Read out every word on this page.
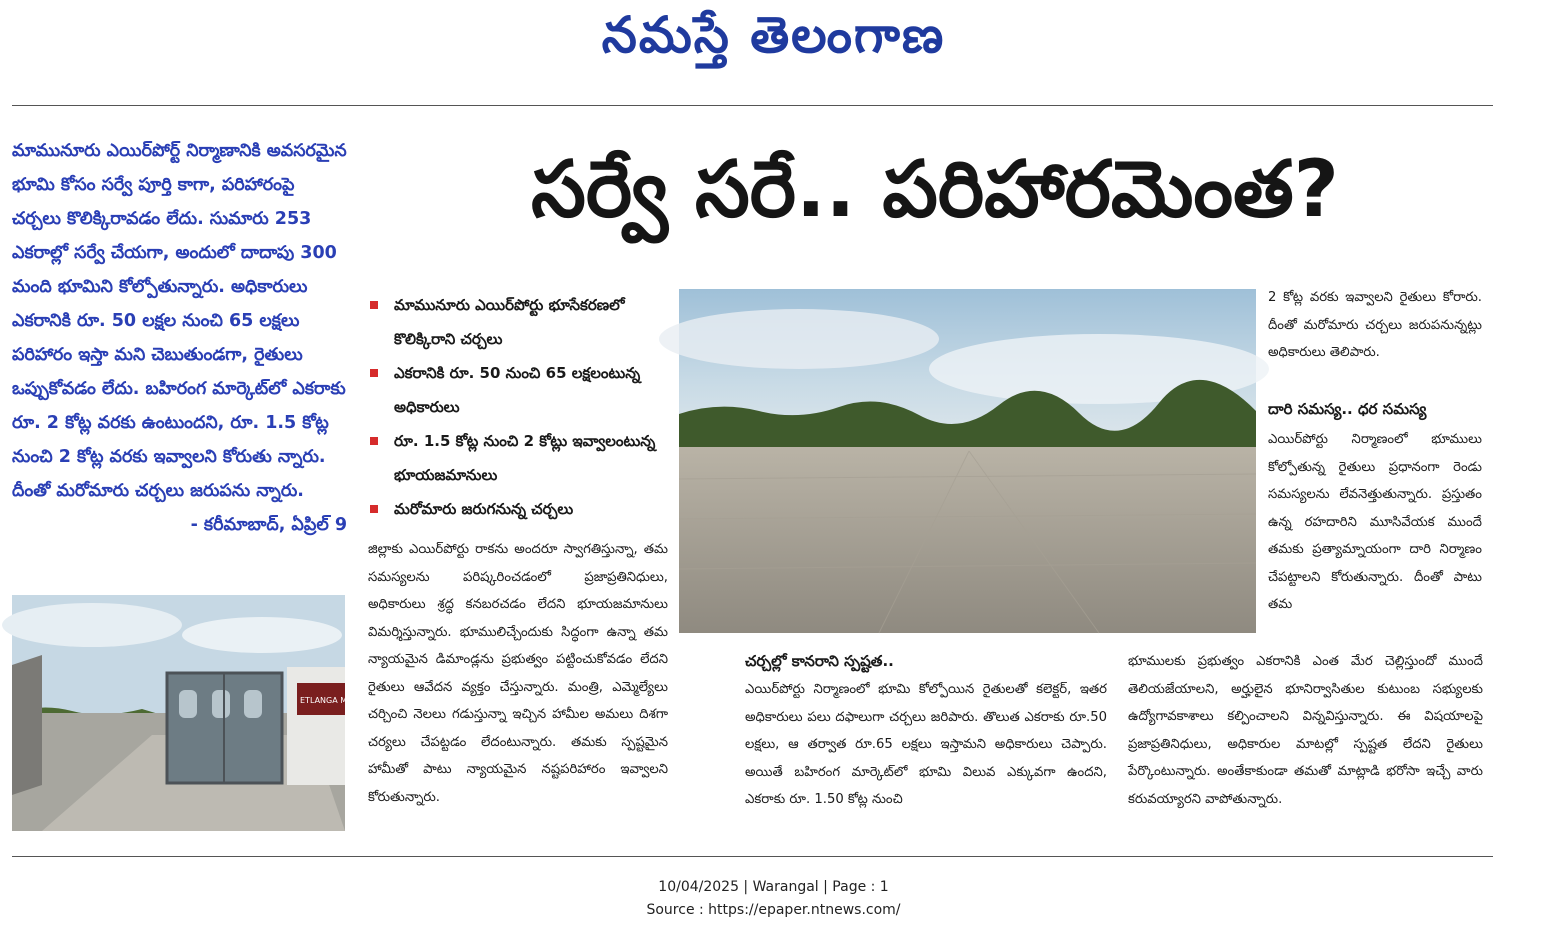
నమస్తే తెలంగాణ
మామునూరు ఎయిర్‌పోర్ట్ నిర్మాణానికి అవసరమైన భూమి కోసం సర్వే పూర్తి కాగా, పరిహారంపై చర్చలు కొలిక్కిరావడం లేదు. సుమారు 253 ఎకరాల్లో సర్వే చేయగా, అందులో దాదాపు 300 మంది భూమిని కోల్పోతున్నారు. అధికారులు ఎకరానికి రూ. 50 లక్షల నుంచి 65 లక్షలు పరిహారం ఇస్తా మని చెబుతుండగా, రైతులు ఒప్పుకోవడం లేదు. బహిరంగ మార్కెట్‌లో ఎకరాకు రూ. 2 కోట్ల వరకు ఉంటుందని, రూ. 1.5 కోట్ల నుంచి 2 కోట్ల వరకు ఇవ్వాలని కోరుతు న్నారు. దీంతో మరోమారు చర్చలు జరుపను న్నారు.
- కరీమాబాద్, ఏప్రిల్ 9
సర్వే సరే.. పరిహారమెంత?
మామునూరు ఎయిర్‌పోర్టు భూసేకరణలో కొలిక్కిరాని చర్చలు
ఎకరానికి రూ. 50 నుంచి 65 లక్షలంటున్న అధికారులు
రూ. 1.5 కోట్ల నుంచి 2 కోట్లు ఇవ్వాలంటున్న భూయజమానులు
మరోమారు జరుగనున్న చర్చలు
జిల్లాకు ఎయిర్‌పోర్టు రాకను అందరూ స్వాగతిస్తున్నా, తమ సమస్యలను పరిష్కరించడంలో ప్రజాప్రతినిధులు, అధికారులు శ్రద్ధ కనబరచడం లేదని భూయజమానులు విమర్శిస్తున్నారు. భూములిచ్చేందుకు సిద్ధంగా ఉన్నా తమ న్యాయమైన డిమాండ్లను ప్రభుత్వం పట్టించుకోవడం లేదని రైతులు ఆవేదన వ్యక్తం చేస్తున్నారు. మంత్రి, ఎమ్మెల్యేలు చర్చించి నెలలు గడుస్తున్నా ఇచ్చిన హామీల అమలు దిశగా చర్యలు చేపట్టడం లేదంటున్నారు. తమకు స్పష్టమైన హామీతో పాటు న్యాయమైన నష్టపరిహారం ఇవ్వాలని కోరుతున్నారు.
చర్చల్లో కానరాని స్పష్టత..
ఎయిర్‌పోర్టు నిర్మాణంలో భూమి కోల్పోయిన రైతులతో కలెక్టర్, ఇతర అధికారులు పలు దఫాలుగా చర్చలు జరిపారు. తొలుత ఎకరాకు రూ.50 లక్షలు, ఆ తర్వాత రూ.65 లక్షలు ఇస్తామని అధికారులు చెప్పారు. అయితే బహిరంగ మార్కెట్‌లో భూమి విలువ ఎక్కువగా ఉందని, ఎకరాకు రూ. 1.50 కోట్ల నుంచి
2 కోట్ల వరకు ఇవ్వాలని రైతులు కోరారు. దీంతో మరోమారు చర్చలు జరుపనున్నట్లు అధికారులు తెలిపారు.
దారి సమస్య.. ధర సమస్య
ఎయిర్‌పోర్టు నిర్మాణంలో భూములు కోల్పోతున్న రైతులు ప్రధానంగా రెండు సమస్యలను లేవనెత్తుతున్నారు. ప్రస్తుతం ఉన్న రహదారిని మూసివేయక ముందే తమకు ప్రత్యామ్నాయంగా దారి నిర్మాణం చేపట్టాలని కోరుతున్నారు. దీంతో పాటు తమ
భూములకు ప్రభుత్వం ఎకరానికి ఎంత మేర చెల్లిస్తుందో ముందే తెలియజేయాలని, అర్హులైన భూనిర్వాసితుల కుటుంబ సభ్యులకు ఉద్యోగావకాశాలు కల్పించాలని విన్నవిస్తున్నారు. ఈ విషయాలపై ప్రజాప్రతినిధులు, అధికారుల మాటల్లో స్పష్టత లేదని రైతులు పేర్కొంటున్నారు. అంతేకాకుండా తమతో మాట్లాడి భరోసా ఇచ్చే వారు కరువయ్యారని వాపోతున్నారు.
ETLANGA MAMU UNITY AR
10/04/2025 | Warangal | Page : 1
Source : https://epaper.ntnews.com/
